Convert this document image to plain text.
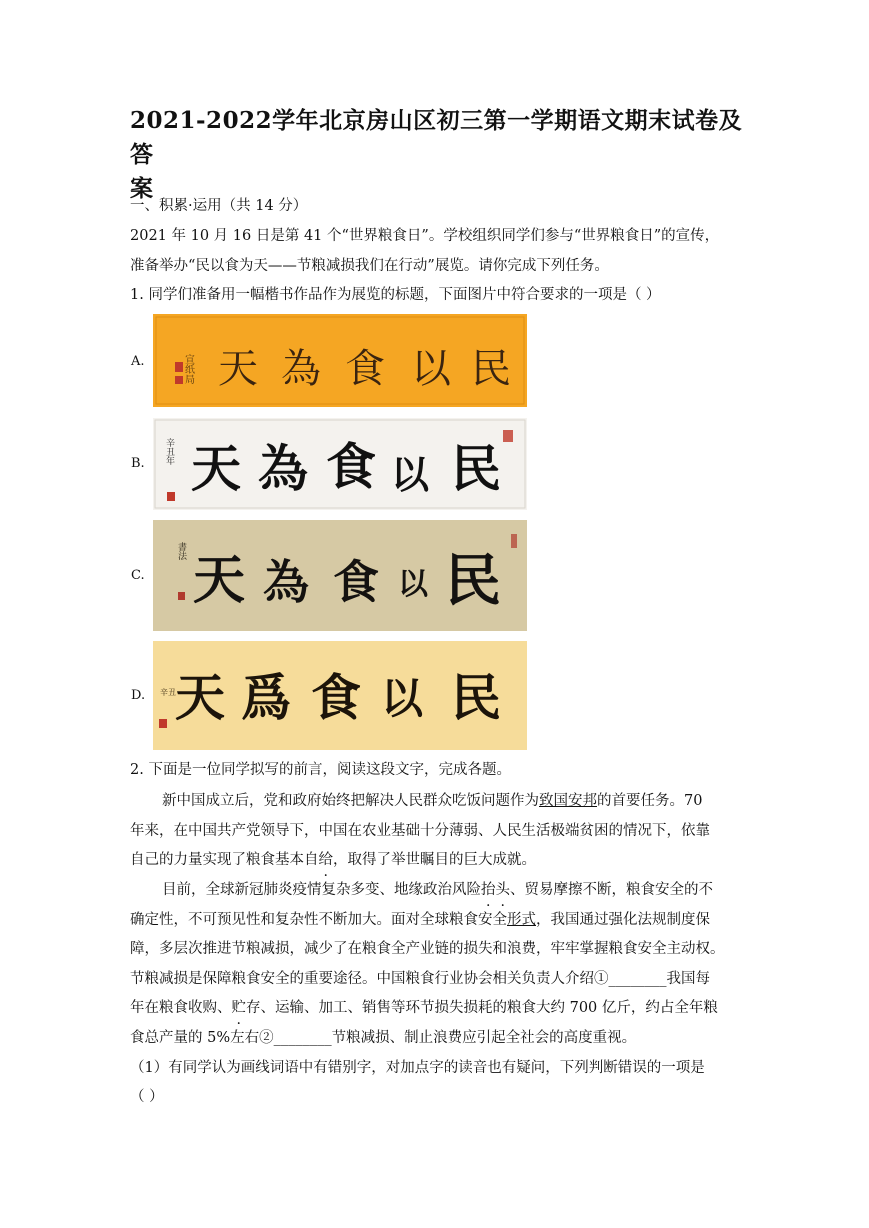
2021-2022学年北京房山区初三第一学期语文期末试卷及答
案
一、积累·运用（共 14 分）
2021 年 10 月 16 日是第 41 个“世界粮食日”。学校组织同学们参与“世界粮食日”的宣传，
准备举办“民以食为天——节粮减损我们在行动”展览。请你完成下列任务。
1. 同学们准备用一幅楷书作品作为展览的标题，下面图片中符合要求的一项是（ ）
A.	宣纸局 天 為 食 以 民
B. 辛丑年 天 為 食 以 民
C.
書法 天 為 食 以 民
D. 辛丑 天 爲 食 以 民
2. 下面是一位同学拟写的前言，阅读这段文字，完成各题。
新中国成立后，党和政府始终把解决人民群众吃饭问题作为致国安邦的首要任务。70
年来，在中国共产党领导下，中国在农业基础十分薄弱、人民生活极端贫困的情况下，依靠
自己的力量实现了粮食基本自给，取得了举世瞩目的巨大成就。
目前，全球新冠肺炎疫情复杂多变、地缘政治风险抬头、贸易摩擦不断，粮食安全的不
确定性，不可预见性和复杂性不断加大。面对全球粮食安全形式，我国通过强化法规制度保
障，多层次推进节粮减损，减少了在粮食全产业链的损失和浪费，牢牢掌握粮食安全主动权。
节粮减损是保障粮食安全的重要途径。中国粮食行业协会相关负责人介绍①________我国每
年在粮食收购、贮存、运输、加工、销售等环节损失损耗的粮食大约 700 亿斤，约占全年粮
食总产量的 5%左右②________节粮减损、制止浪费应引起全社会的高度重视。
（1）有同学认为画线词语中有错别字，对加点字的读音也有疑问，下列判断错误的一项是
（ ）
